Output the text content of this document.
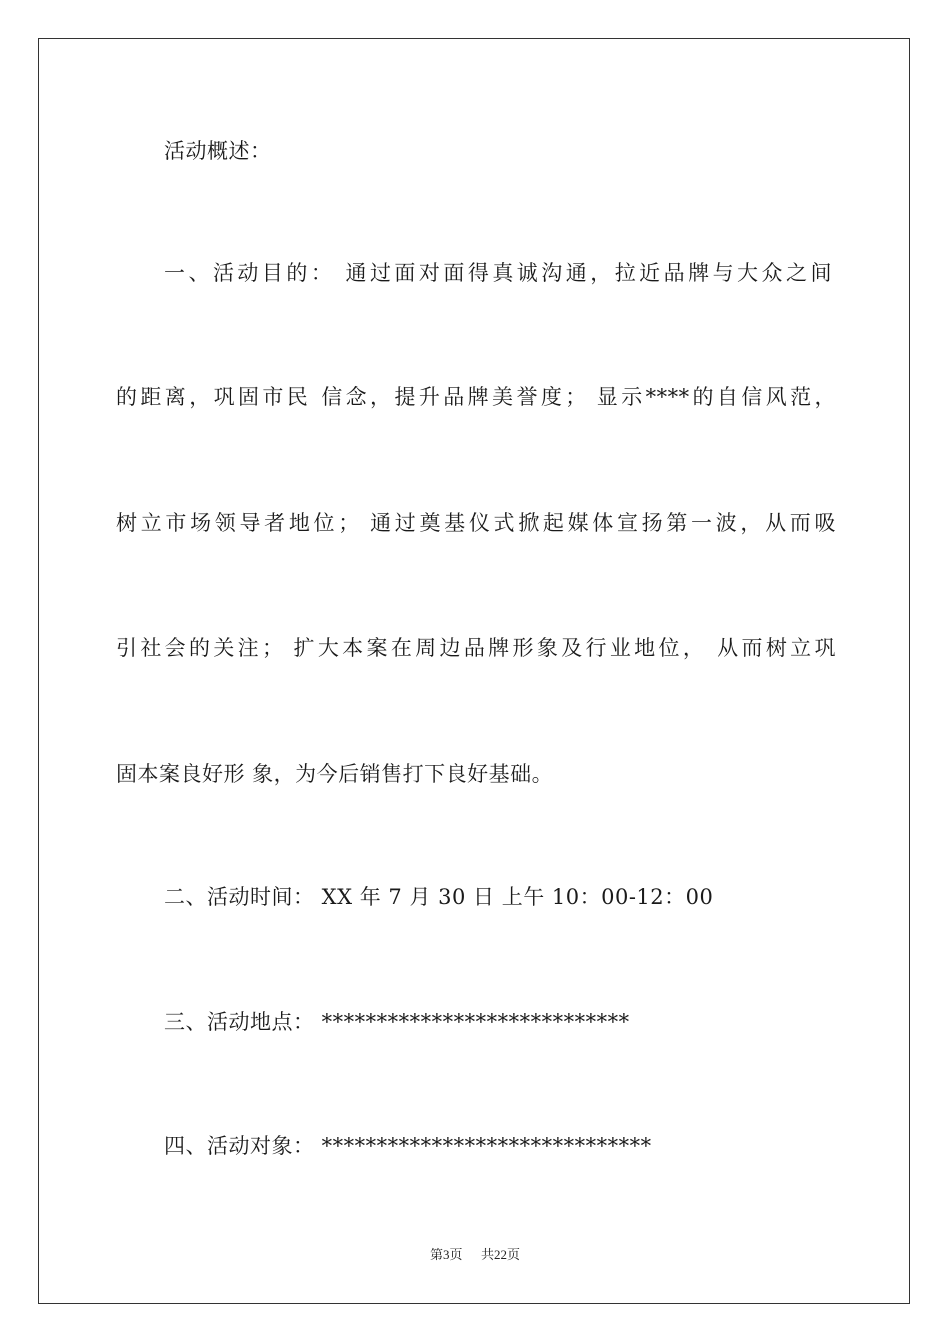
活动概述：
一、活动目的： 通过面对面得真诚沟通，拉近品牌与大众之间
的距离，巩固市民 信念，提升品牌美誉度； 显示****的自信风范，
树立市场领导者地位； 通过奠基仪式掀起媒体宣扬第一波，从而吸
引社会的关注； 扩大本案在周边品牌形象及行业地位， 从而树立巩
固本案良好形 象，为今后销售打下良好基础。
二、活动时间： XX 年 7 月 30 日 上午 10：00-12：00
三、活动地点： ****************************
四、活动对象： ******************************
第3页 共22页
